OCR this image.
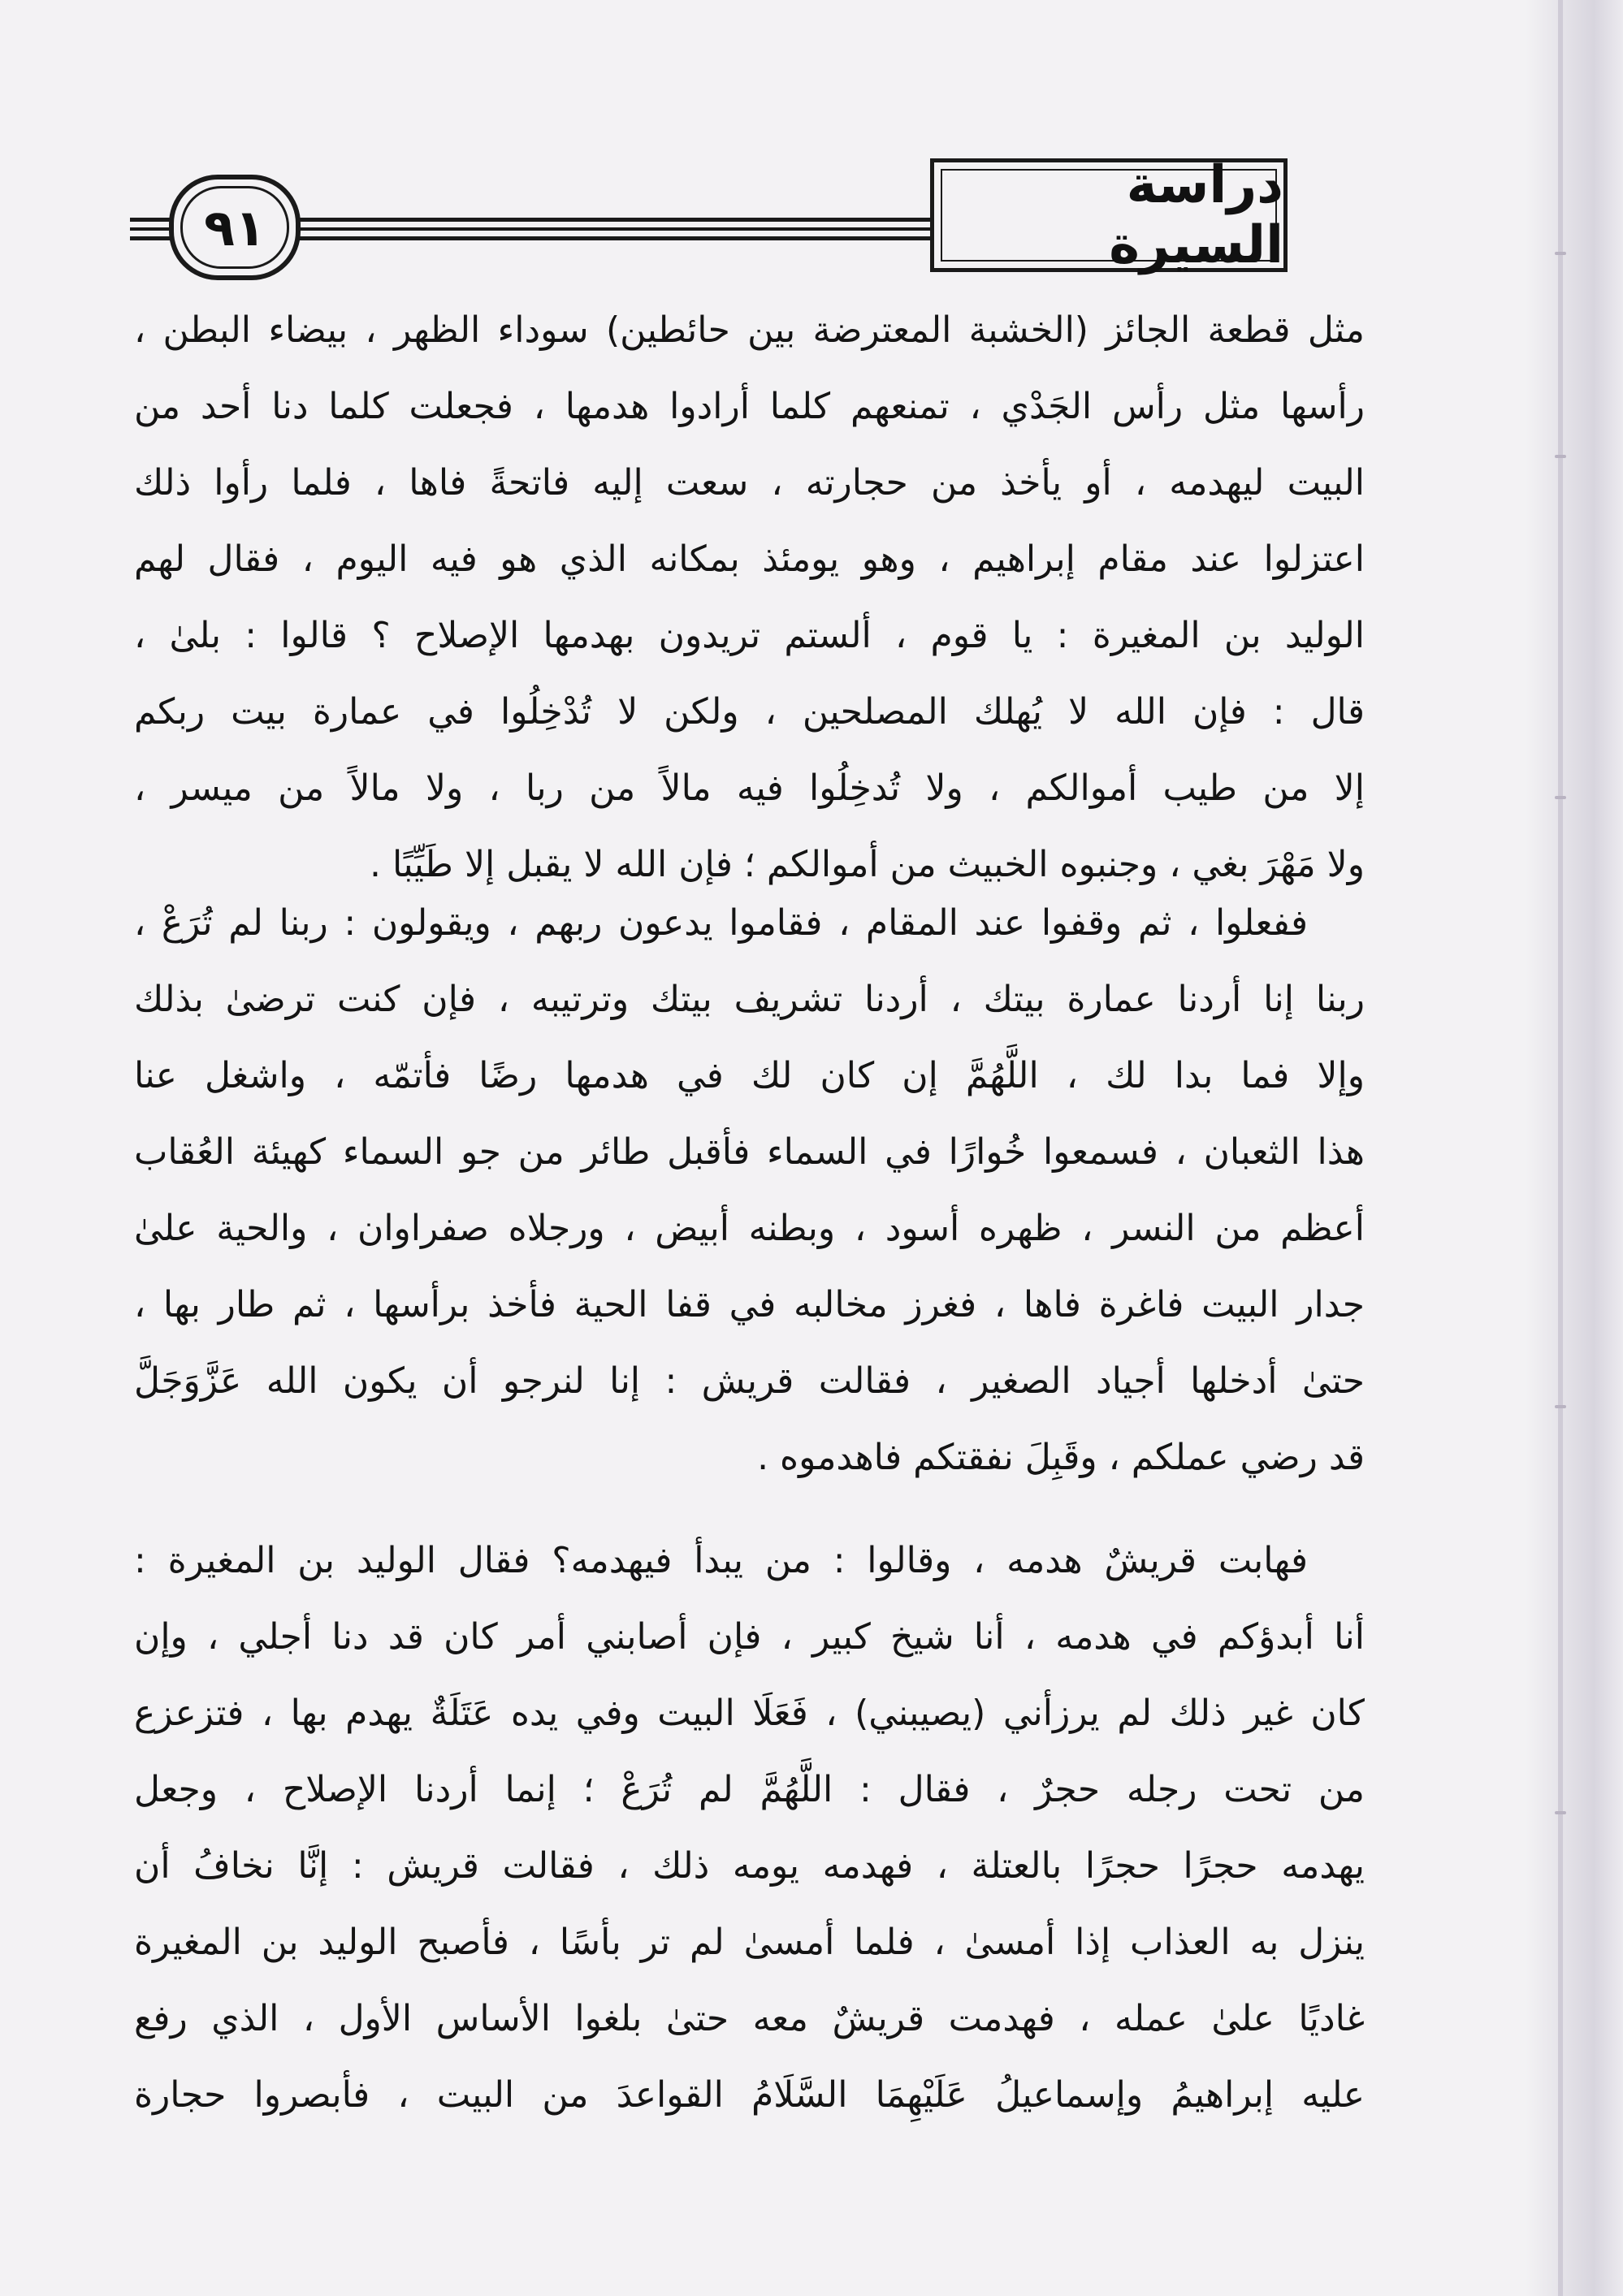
٩١
دراسة السيرة
مثل قطعة الجائز (الخشبة المعترضة بين حائطين) سوداء الظهر ، بيضاء البطن ،
رأسها مثل رأس الجَدْي ، تمنعهم كلما أرادوا هدمها ، فجعلت كلما دنا أحد من
البيت ليهدمه ، أو يأخذ من حجارته ، سعت إليه فاتحةً فاها ، فلما رأوا ذلك
اعتزلوا عند مقام إبراهيم ، وهو يومئذ بمكانه الذي هو فيه اليوم ، فقال لهم
الوليد بن المغيرة : يا قوم ، ألستم تريدون بهدمها الإصلاح ؟ قالوا : بلىٰ ،
قال : فإن الله لا يُهلك المصلحين ، ولكن لا تُدْخِلُوا في عمارة بيت ربكم
إلا من طيب أموالكم ، ولا تُدخِلُوا فيه مالاً من ربا ، ولا مالاً من ميسر ،
ولا مَهْرَ بغي ، وجنبوه الخبيث من أموالكم ؛ فإن الله لا يقبل إلا طَيِّبًا .
ففعلوا ، ثم وقفوا عند المقام ، فقاموا يدعون ربهم ، ويقولون : ربنا لم تُرَعْ ،
ربنا إنا أردنا عمارة بيتك ، أردنا تشريف بيتك وترتيبه ، فإن كنت ترضىٰ بذلك
وإلا فما بدا لك ، اللَّهُمَّ إن كان لك في هدمها رضًا فأتمّه ، واشغل عنا
هذا الثعبان ، فسمعوا خُوارًا في السماء فأقبل طائر من جو السماء كهيئة العُقاب
أعظم من النسر ، ظهره أسود ، وبطنه أبيض ، ورجلاه صفراوان ، والحية علىٰ
جدار البيت فاغرة فاها ، فغرز مخالبه في قفا الحية فأخذ برأسها ، ثم طار بها ،
حتىٰ أدخلها أجياد الصغير ، فقالت قريش : إنا لنرجو أن يكون الله عَزَّوَجَلَّ
قد رضي عملكم ، وقَبِلَ نفقتكم فاهدموه .
فهابت قريشٌ هدمه ، وقالوا : من يبدأ فيهدمه؟ فقال الوليد بن المغيرة :
أنا أبدؤكم في هدمه ، أنا شيخ كبير ، فإن أصابني أمر كان قد دنا أجلي ، وإن
كان غير ذلك لم يرزأني (يصيبني) ، فَعَلَا البيت وفي يده عَتَلَةٌ يهدم بها ، فتزعزع
من تحت رجله حجرٌ ، فقال : اللَّهُمَّ لم تُرَعْ ؛ إنما أردنا الإصلاح ، وجعل
يهدمه حجرًا حجرًا بالعتلة ، فهدمه يومه ذلك ، فقالت قريش : إنَّا نخافُ أن
ينزل به العذاب إذا أمسىٰ ، فلما أمسىٰ لم تر بأسًا ، فأصبح الوليد بن المغيرة
غاديًا علىٰ عمله ، فهدمت قريشٌ معه حتىٰ بلغوا الأساس الأول ، الذي رفع
عليه إبراهيمُ وإسماعيلُ عَلَيْهِمَا السَّلَامُ القواعدَ من البيت ، فأبصروا حجارة
